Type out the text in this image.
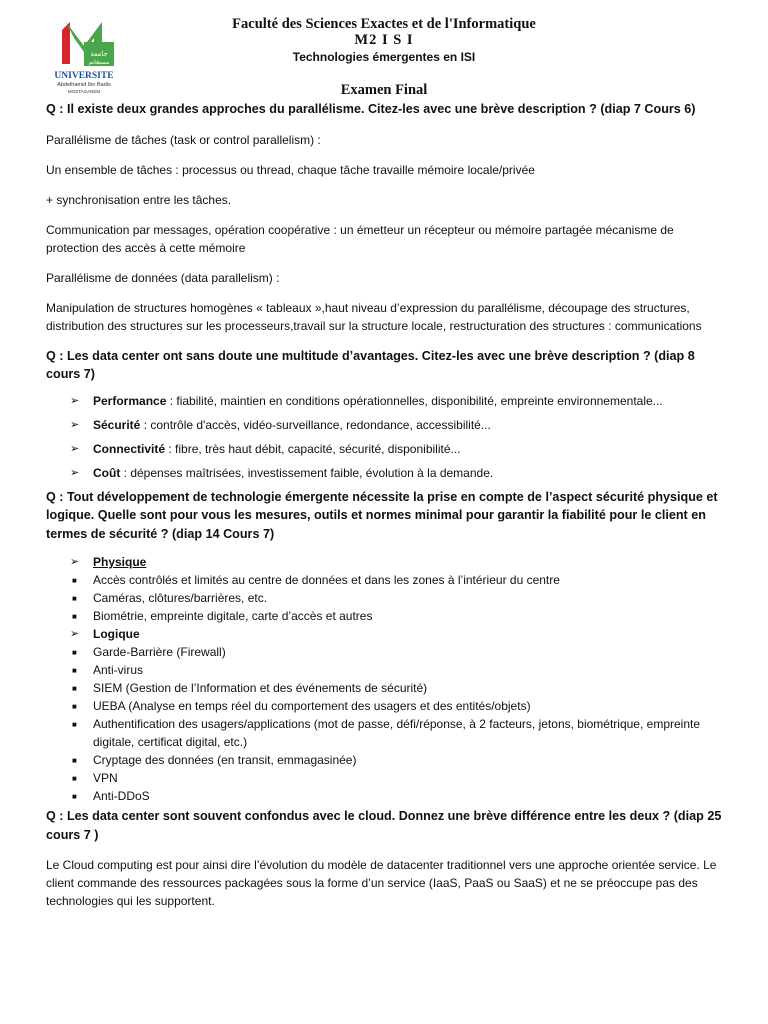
جامعة
مستغانم
UNIVERSITE
Abdelhamid Ibn Badis
MOSTAGANEM
Faculté des Sciences Exactes et de l'Informatique
M2 I S I
Technologies émergentes en ISI
Examen Final

Q : Il existe deux grandes approches du parallélisme. Citez-les avec une brève description ? (diap 7 Cours 6)

Parallélisme de tâches (task or control parallelism) :

Un ensemble de tâches : processus ou thread, chaque tâche travaille mémoire locale/privée

+ synchronisation entre les tâches.

Communication par messages, opération coopérative : un émetteur un récepteur ou mémoire partagée mécanisme de protection des accès à cette mémoire

Parallélisme de données (data parallelism) :

Manipulation de structures homogènes « tableaux »,haut niveau d’expression du parallélisme, découpage des structures, distribution des structures sur les processeurs,travail sur la structure locale, restructuration des structures : communications

Q : Les data center ont sans doute une multitude d’avantages. Citez-les avec une brève description ? (diap 8 cours 7)

➢ Performance : fiabilité, maintien en conditions opérationnelles, disponibilité, empreinte environnementale...
➢ Sécurité : contrôle d'accès, vidéo-surveillance, redondance, accessibilité...
➢ Connectivité : fibre, très haut débit, capacité, sécurité, disponibilité...
➢ Coût : dépenses maîtrisées, investissement faible, évolution à la demande.

Q : Tout développement de technologie émergente nécessite la prise en compte de l’aspect sécurité physique et logique. Quelle sont pour vous les mesures, outils et normes minimal pour garantir la fiabilité pour le client en termes de sécurité ? (diap 14 Cours 7)

➢ Physique
■ Accès contrôlés et limités au centre de données et dans les zones à l’intérieur du centre
■ Caméras, clôtures/barrières, etc.
■ Biométrie, empreinte digitale, carte d’accès et autres
➢ Logique
■ Garde-Barrière (Firewall)
■ Anti-virus
■ SIEM (Gestion de l’Information et des événements de sécurité)
■ UEBA (Analyse en temps réel du comportement des usagers et des entités/objets)
■ Authentification des usagers/applications (mot de passe, défi/réponse, à 2 facteurs, jetons, biométrique, empreinte digitale, certificat digital, etc.)
■ Cryptage des données (en transit, emmagasinée)
■ VPN
■ Anti-DDoS

Q : Les data center sont souvent confondus avec le cloud. Donnez une brève différence entre les deux ? (diap 25 cours 7 )

Le Cloud computing est pour ainsi dire l’évolution du modèle de datacenter traditionnel vers une approche orientée service. Le client commande des ressources packagées sous la forme d’un service (IaaS, PaaS ou SaaS) et ne se préoccupe pas des technologies qui les supportent.
